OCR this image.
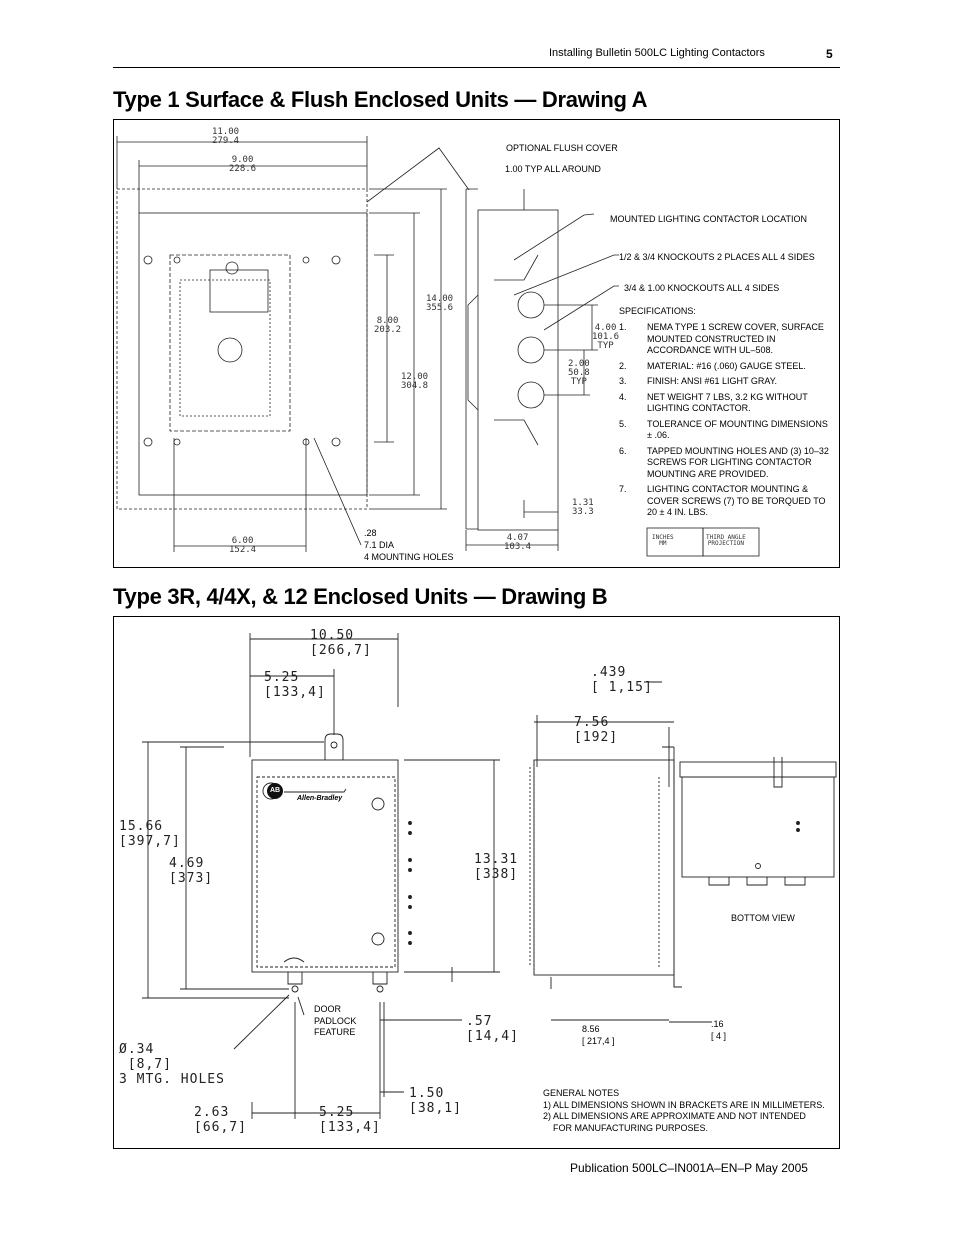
Installing Bulletin 500LC Lighting Contactors	5
Type 1 Surface & Flush Enclosed Units — Drawing A
OPTIONAL FLUSH COVER
1.00 TYP ALL AROUND
MOUNTED LIGHTING CONTACTOR LOCATION
1/2 & 3/4 KNOCKOUTS 2 PLACES ALL 4 SIDES
3/4 & 1.00 KNOCKOUTS ALL 4 SIDES
.28
7.1 DIA
4 MOUNTING HOLES
11.00
279.4
9.00
228.6
14.00
355.6
12.00
304.8
8.00
203.2	4.00
101.6
TYP
2.00
50.8
TYP
1.31
33.3
4.07
103.4
6.00
152.4
SPECIFICATIONS:
1.	NEMA TYPE 1 SCREW COVER, SURFACE MOUNTED CONSTRUCTED IN ACCORDANCE WITH UL–508.
2.	MATERIAL: #16 (.060) GAUGE STEEL.
3.	FINISH: ANSI #61 LIGHT GRAY.
4.	NET WEIGHT 7 LBS, 3.2 KG WITHOUT LIGHTING CONTACTOR.
5.	TOLERANCE OF MOUNTING DIMENSIONS ± .06.
6.	TAPPED MOUNTING HOLES AND (3) 10–32 SCREWS FOR LIGHTING CONTACTOR MOUNTING ARE PROVIDED.
7.	LIGHTING CONTACTOR MOUNTING & COVER SCREWS (7) TO BE TORQUED TO 20 ± 4 IN. LBS.
INCHES
MM
THIRD ANGLE
PROJECTION
Type 3R, 4/4X, & 12 Enclosed Units — Drawing B
AB
Allen-Bradley
10.50
[266,7]
5.25
[133,4]
15.66
[397,7]
4.69
[373]
13.31
[338]
.439
[ 1,15]
7.56
[192]
.57
[14,4]
Ø.34
[8,7]
3 MTG. HOLES
1.50
[38,1]
2.63
[66,7]
5.25
[133,4]
DOOR
PADLOCK
FEATURE	8.56
[ 217,4 ]
.16
[ 4 ]
BOTTOM VIEW
GENERAL NOTES
1) ALL DIMENSIONS SHOWN IN BRACKETS ARE IN MILLIMETERS.
2) ALL DIMENSIONS ARE APPROXIMATE AND NOT INTENDED
FOR MANUFACTURING PURPOSES.
Publication 500LC–IN001A–EN–P May 2005
